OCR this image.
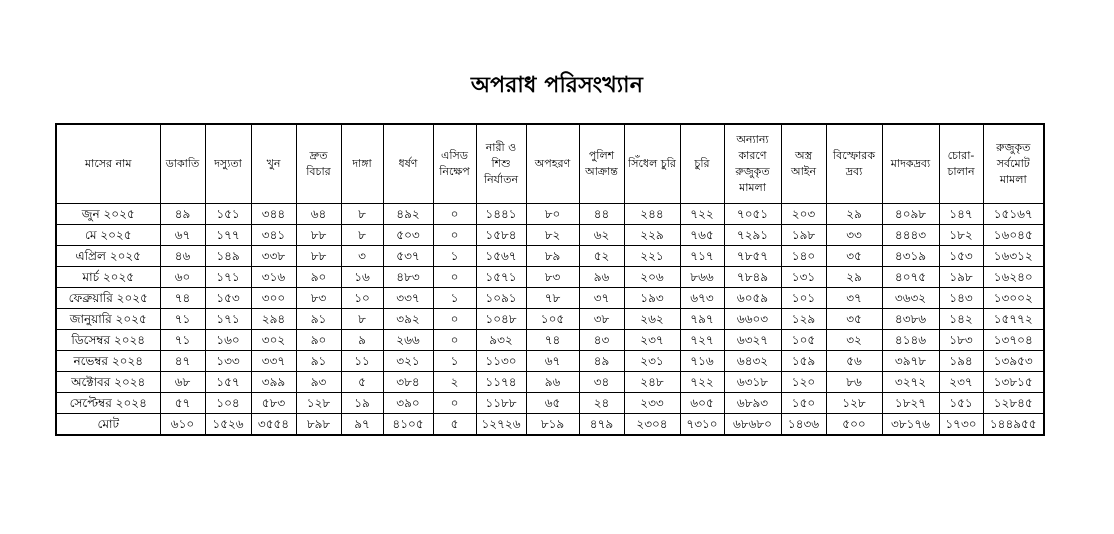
অপরাধ পরিসংখ্যান
মাসের নাম	ডাকাতি	দস্যুতা	খুন	দ্রুত বিচার	দাঙ্গা	ধর্ষণ	এসিড নিক্ষেপ	নারী ও শিশু নির্যাতন	অপহরণ	পুলিশ আক্রান্ত	সিঁধেল চুরি	চুরি	অন্যান্য কারণে রুজুকৃত মামলা	অস্ত্র আইন	বিস্ফোরক দ্রব্য	মাদকদ্রব্য	চোরা-চালান	রুজুকৃত সর্বমোট মামলা
জুন ২০২৫	৪৯	১৫১	৩৪৪	৬৪	৮	৪৯২	০	১৪৪১	৮০	৪৪	২৪৪	৭২২	৭০৫১	২০৩	২৯	৪০৯৮	১৪৭	১৫১৬৭
মে ২০২৫	৬৭	১৭৭	৩৪১	৮৮	৮	৫০৩	০	১৫৮৪	৮২	৬২	২২৯	৭৬৫	৭২৯১	১৯৮	৩৩	৪৪৪৩	১৮২	১৬০৪৫
এপ্রিল ২০২৫	৪৬	১৪৯	৩৩৮	৮৮	৩	৫৩৭	১	১৫৬৭	৮৯	৫২	২২১	৭১৭	৭৮৫৭	১৪০	৩৫	৪৩১৯	১৫৩	১৬৩১২
মার্চ ২০২৫	৬০	১৭১	৩১৬	৯০	১৬	৪৮৩	০	১৫৭১	৮৩	৯৬	২০৬	৮৬৬	৭৮৪৯	১৩১	২৯	৪০৭৫	১৯৮	১৬২৪০
ফেব্রুয়ারি ২০২৫	৭৪	১৫৩	৩০০	৮৩	১০	৩৩৭	১	১০৯১	৭৮	৩৭	১৯৩	৬৭৩	৬০৫৯	১০১	৩৭	৩৬৩২	১৪৩	১৩০০২
জানুয়ারি ২০২৫	৭১	১৭১	২৯৪	৯১	৮	৩৯২	০	১০৪৮	১০৫	৩৮	২৬২	৭৯৭	৬৬০৩	১২৯	৩৫	৪৩৮৬	১৪২	১৫৭৭২
ডিসেম্বর ২০২৪	৭১	১৬০	৩০২	৯০	৯	২৬৬	০	৯৩২	৭৪	৪৩	২৩৭	৭২৭	৬৩২৭	১০৫	৩২	৪১৪৬	১৮৩	১৩৭০৪
নভেম্বর ২০২৪	৪৭	১৩৩	৩৩৭	৯১	১১	৩২১	১	১১৩০	৬৭	৪৯	২৩১	৭১৬	৬৪৩২	১৫৯	৫৬	৩৯৭৮	১৯৪	১৩৯৫৩
অক্টোবর ২০২৪	৬৮	১৫৭	৩৯৯	৯৩	৫	৩৮৪	২	১১৭৪	৯৬	৩৪	২৪৮	৭২২	৬৩১৮	১২০	৮৬	৩২৭২	২৩৭	১৩৮১৫
সেপ্টেম্বর ২০২৪	৫৭	১০৪	৫৮৩	১২৮	১৯	৩৯০	০	১১৮৮	৬৫	২৪	২৩৩	৬০৫	৬৮৯৩	১৫০	১২৮	১৮২৭	১৫১	১২৮৪৫
মোট	৬১০	১৫২৬	৩৫৫৪	৮৯৮	৯৭	৪১০৫	৫	১২৭২৬	৮১৯	৪৭৯	২৩০৪	৭৩১০	৬৮৬৮০	১৪৩৬	৫০০	৩৮১৭৬	১৭৩০	১৪৪৯৫৫
